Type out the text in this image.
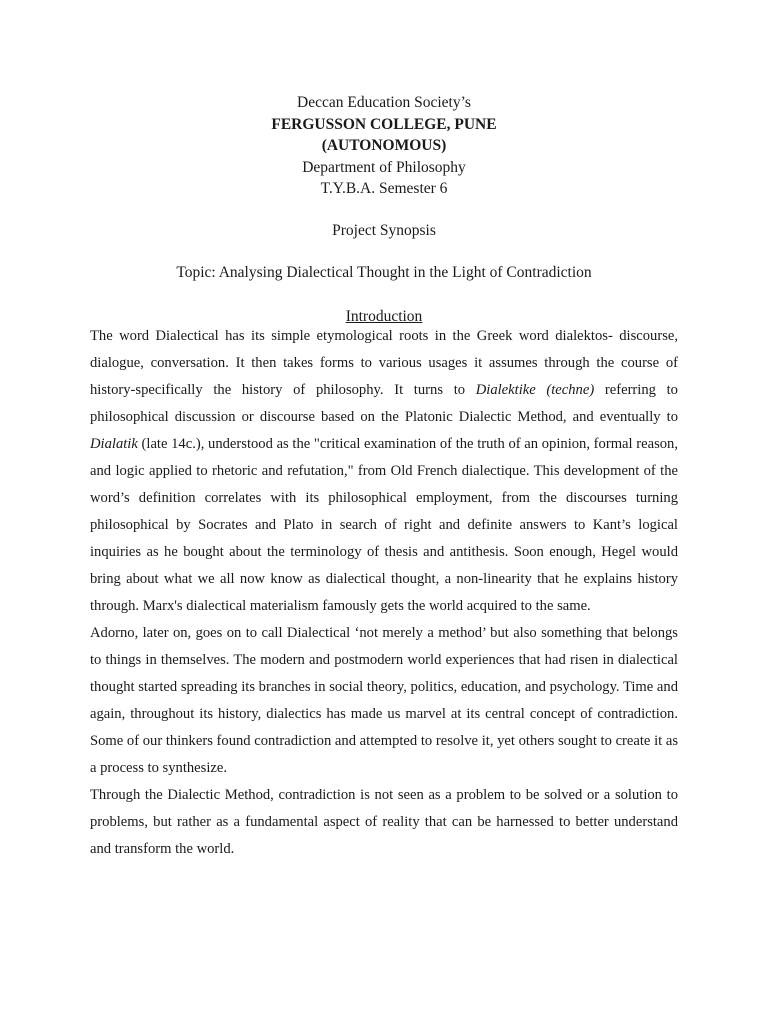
Deccan Education Society’s
FERGUSSON COLLEGE, PUNE
(AUTONOMOUS)
Department of Philosophy
T.Y.B.A. Semester 6
Project Synopsis
Topic: Analysing Dialectical Thought in the Light of Contradiction
Introduction

The word Dialectical has its simple etymological roots in the Greek word dialektos- discourse, dialogue, conversation. It then takes forms to various usages it assumes through the course of history-specifically the history of philosophy. It turns to Dialektike (techne) referring to philosophical discussion or discourse based on the Platonic Dialectic Method, and eventually to Dialatik (late 14c.), understood as the "critical examination of the truth of an opinion, formal reason, and logic applied to rhetoric and refutation," from Old French dialectique. This development of the word’s definition correlates with its philosophical employment, from the discourses turning philosophical by Socrates and Plato in search of right and definite answers to Kant’s logical inquiries as he bought about the terminology of thesis and antithesis. Soon enough, Hegel would bring about what we all now know as dialectical thought, a non-linearity that he explains history through. Marx's dialectical materialism famously gets the world acquired to the same.

Adorno, later on, goes on to call Dialectical ‘not merely a method’ but also something that belongs to things in themselves. The modern and postmodern world experiences that had risen in dialectical thought started spreading its branches in social theory, politics, education, and psychology. Time and again, throughout its history, dialectics has made us marvel at its central concept of contradiction. Some of our thinkers found contradiction and attempted to resolve it, yet others sought to create it as a process to synthesize.

Through the Dialectic Method, contradiction is not seen as a problem to be solved or a solution to problems, but rather as a fundamental aspect of reality that can be harnessed to better understand and transform the world.
